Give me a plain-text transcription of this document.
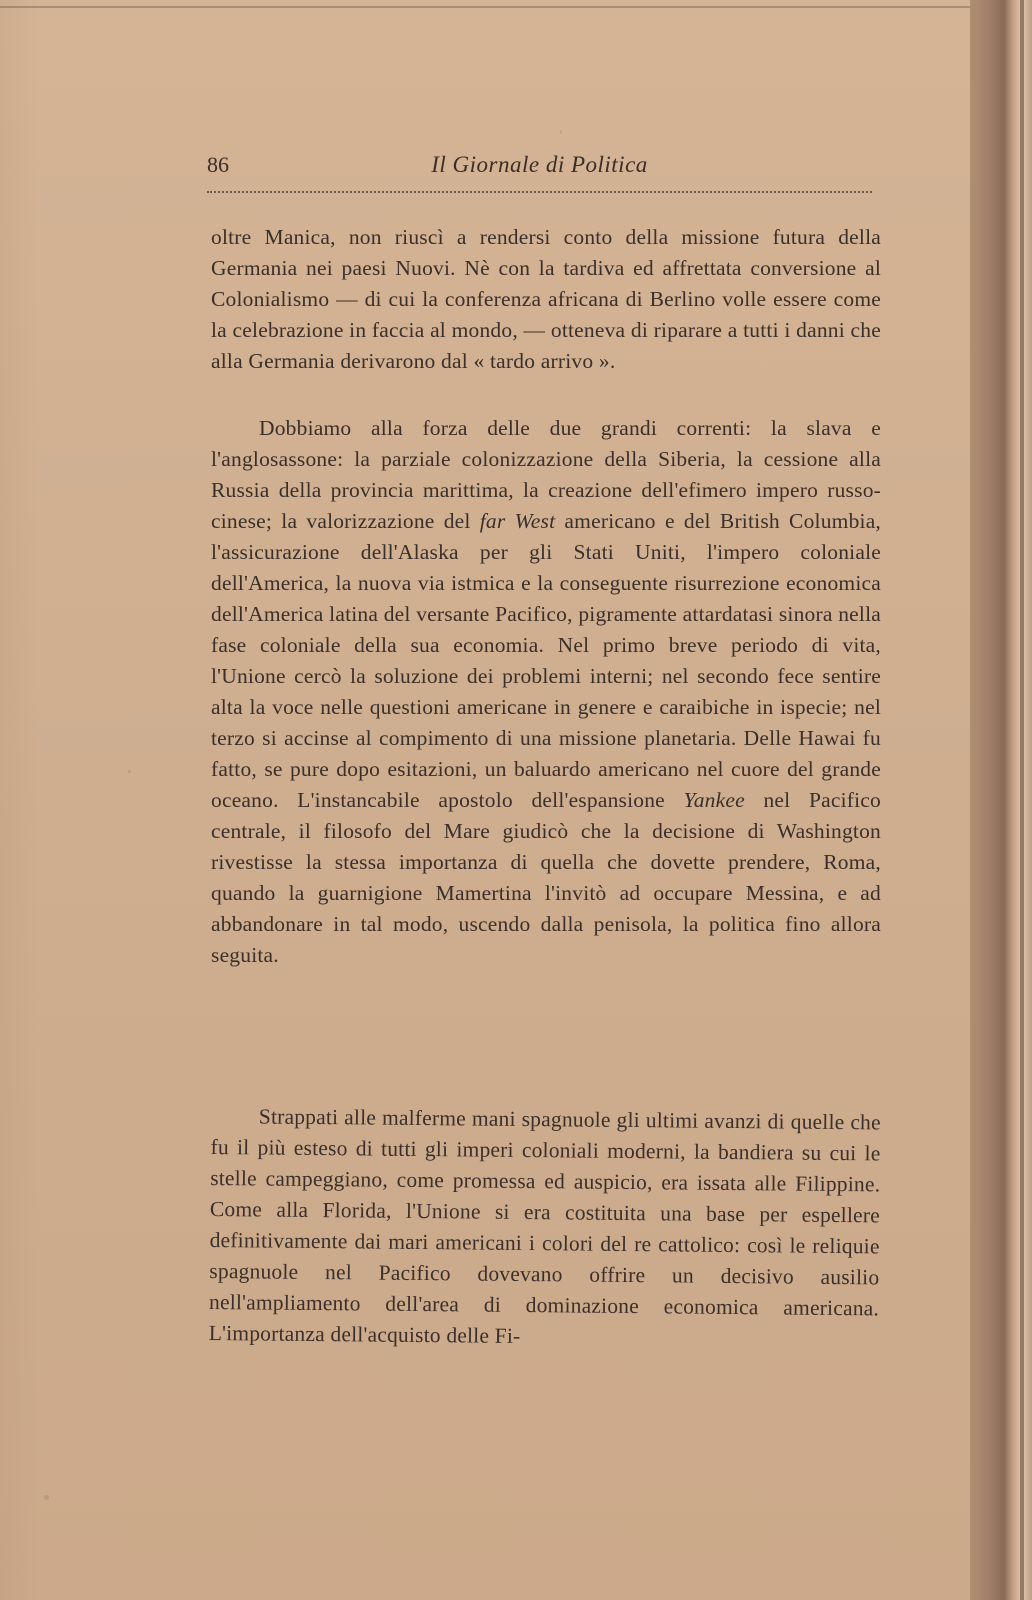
86	Il Giornale di Politica

oltre Manica, non riuscì a rendersi conto della missione futura della Germania nei paesi Nuovi. Nè con la tardiva ed affrettata conversione al Colonialismo — di cui la conferenza africana di Berlino volle essere come la celebrazione in faccia al mondo, — otteneva di riparare a tutti i danni che alla Germania derivarono dal « tardo arrivo ».

Dobbiamo alla forza delle due grandi correnti: la slava e l'anglosassone: la parziale colonizzazione della Siberia, la cessione alla Russia della provincia marittima, la creazione dell'efimero impero russo-cinese; la valorizzazione del far West americano e del British Columbia, l'assicurazione dell'Alaska per gli Stati Uniti, l'impero coloniale dell'America, la nuova via istmica e la conseguente risurrezione economica dell'America latina del versante Pacifico, pigramente attardatasi sinora nella fase coloniale della sua economia. Nel primo breve periodo di vita, l'Unione cercò la soluzione dei problemi interni; nel secondo fece sentire alta la voce nelle questioni americane in genere e caraibiche in ispecie; nel terzo si accinse al compimento di una missione planetaria. Delle Hawai fu fatto, se pure dopo esitazioni, un baluardo americano nel cuore del grande oceano. L'instancabile apostolo dell'espansione Yankee nel Pacifico centrale, il filosofo del Mare giudicò che la decisione di Washington rivestisse la stessa importanza di quella che dovette prendere, Roma, quando la guarnigione Mamertina l'invitò ad occupare Messina, e ad abbandonare in tal modo, uscendo dalla penisola, la politica fino allora seguita.

Strappati alle malferme mani spagnuole gli ultimi avanzi di quelle che fu il più esteso di tutti gli imperi coloniali moderni, la bandiera su cui le stelle campeggiano, come promessa ed auspicio, era issata alle Filippine. Come alla Florida, l'Unione si era costituita una base per espellere definitivamente dai mari americani i colori del re cattolico: così le reliquie spagnuole nel Pacifico dovevano offrire un decisivo ausilio nell'ampliamento dell'area di dominazione economica americana. L'importanza dell'acquisto delle Fi-
